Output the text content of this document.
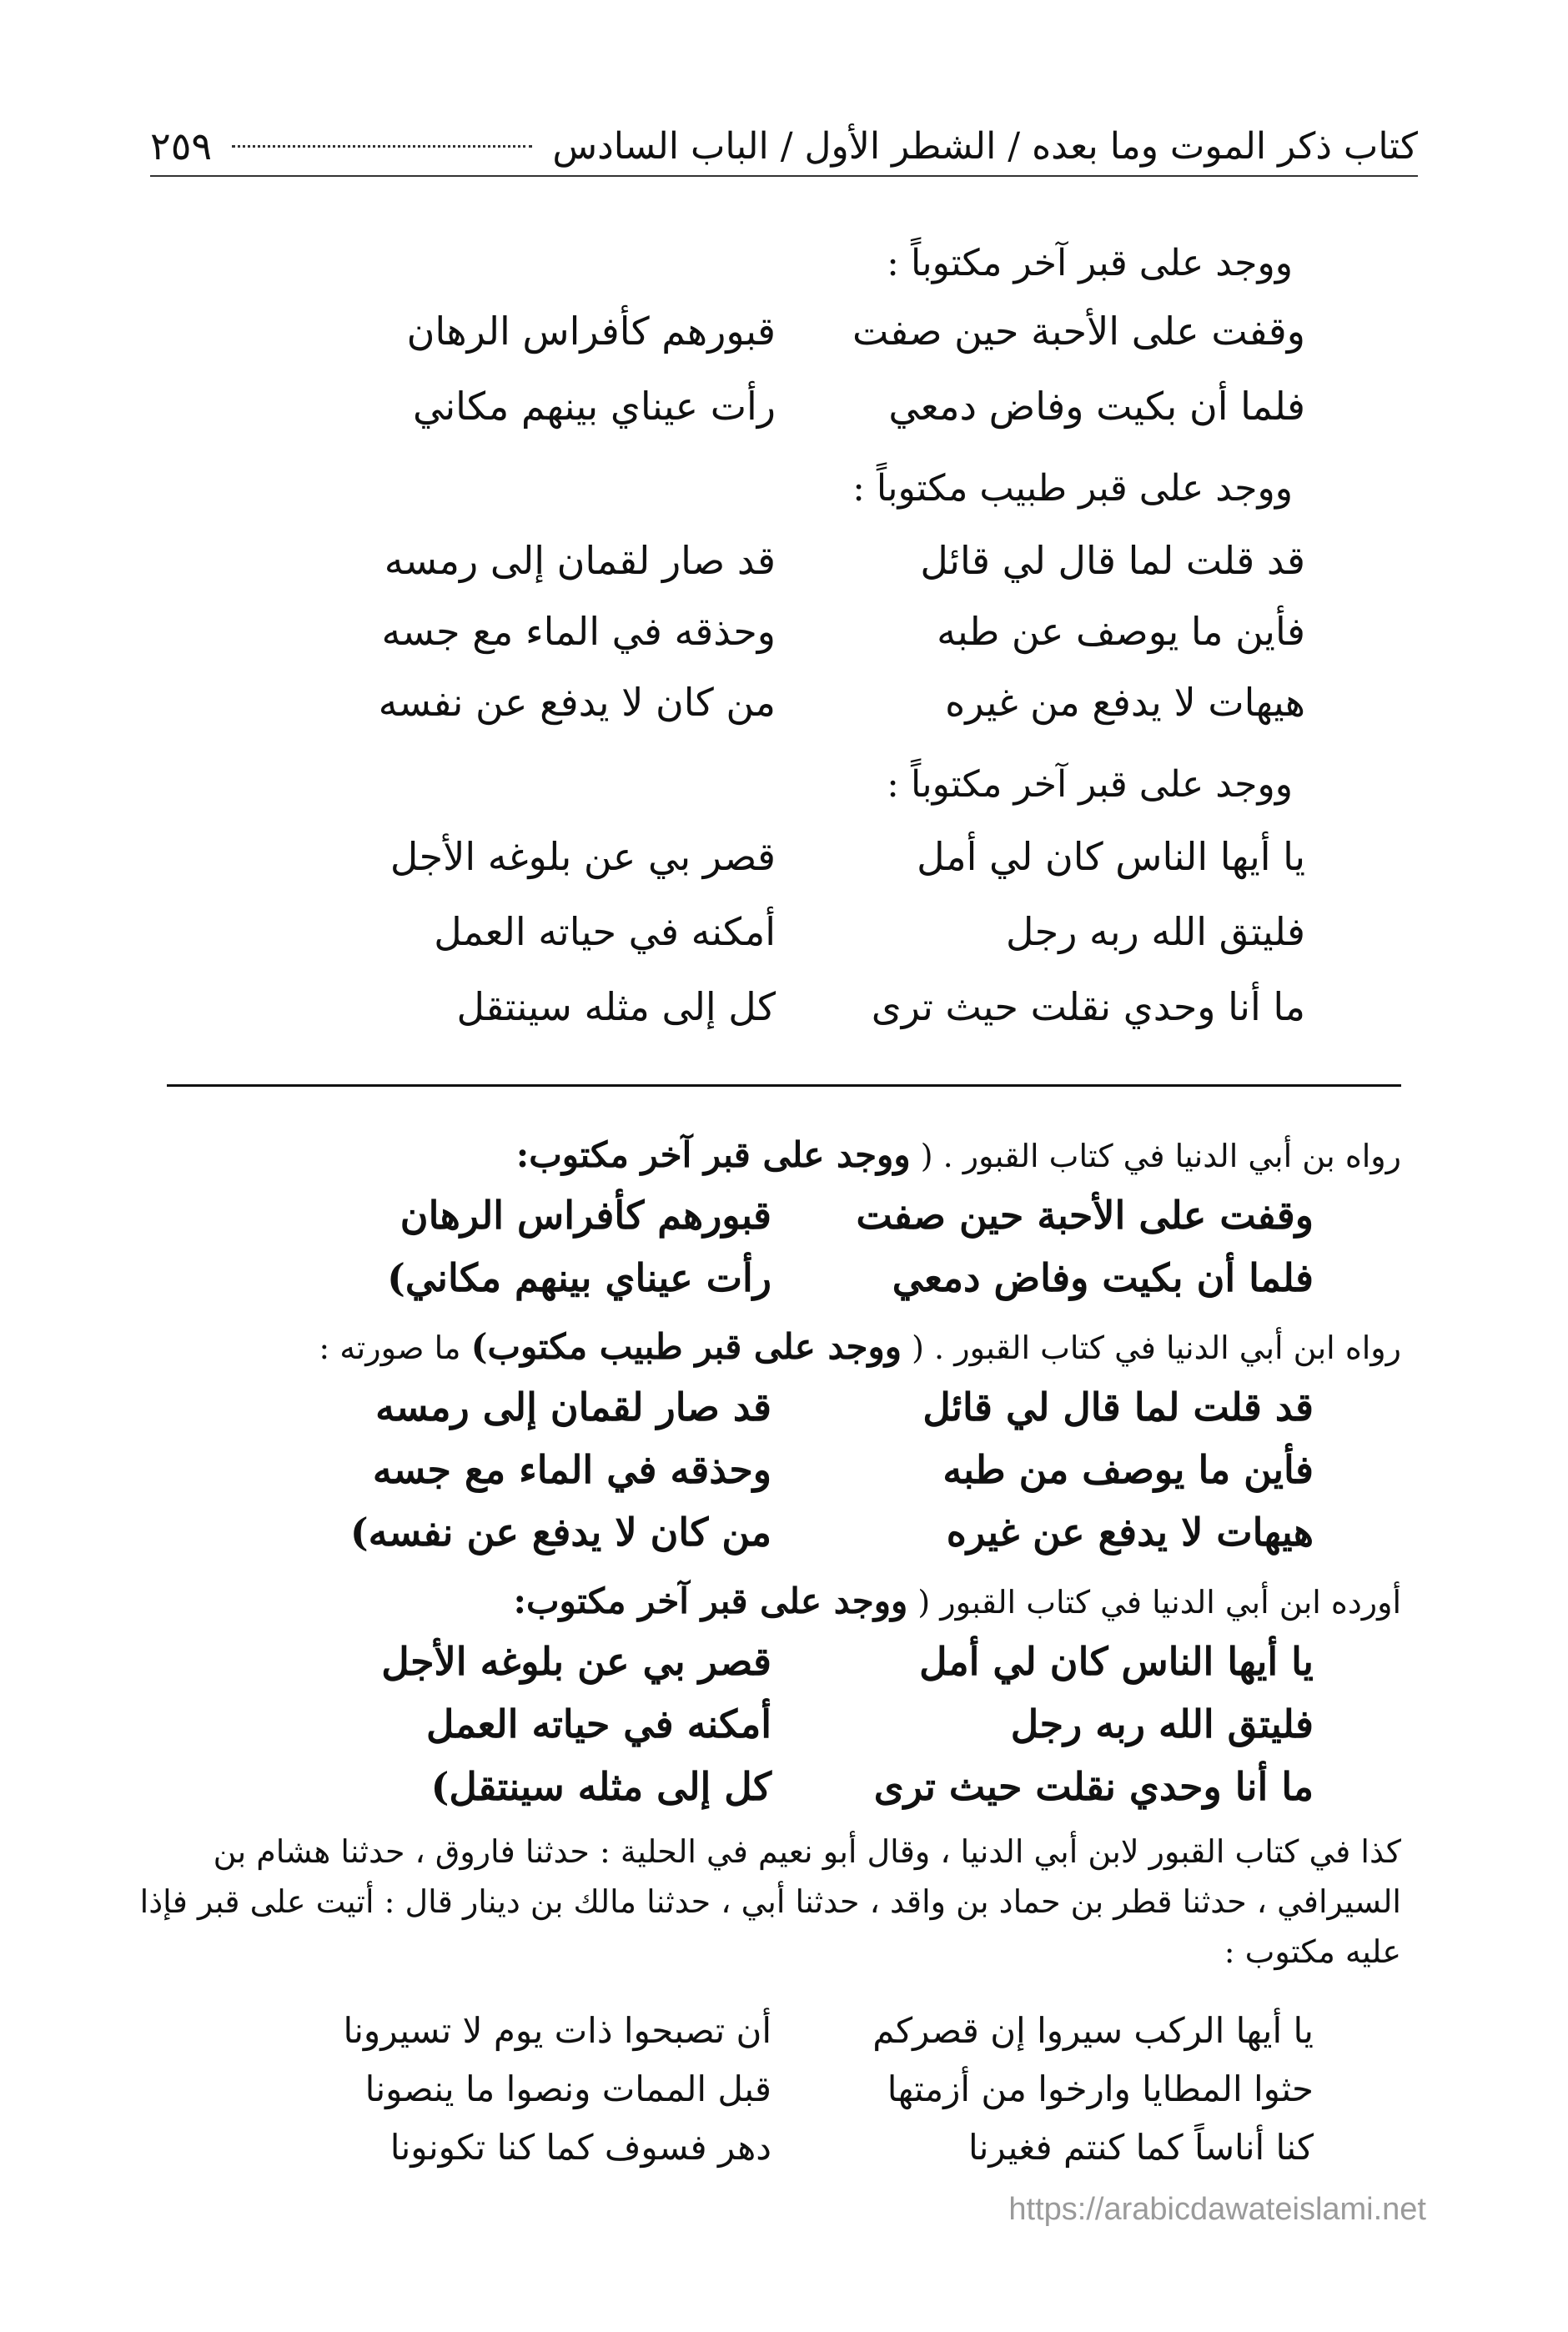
كتاب ذكر الموت وما بعده / الشطر الأول / الباب السادس
٢٥٩
ووجد على قبر آخر مكتوباً :
وقفت على الأحبة حين صفت
قبورهم كأفراس الرهان
فلما أن بكيت وفاض دمعي
رأت عيناي بينهم مكاني
ووجد على قبر طبيب مكتوباً :
قد قلت لما قال لي قائل
قد صار لقمان إلى رمسه
فأين ما يوصف عن طبه
وحذقه في الماء مع جسه
هيهات لا يدفع من غيره
من كان لا يدفع عن نفسه
ووجد على قبر آخر مكتوباً :
يا أيها الناس كان لي أمل
قصر بي عن بلوغه الأجل
فليتق الله ربه رجل
أمكنه في حياته العمل
ما أنا وحدي نقلت حيث ترى
كل إلى مثله سينتقل
رواه بن أبي الدنيا في كتاب القبور . ( ووجد على قبر آخر مكتوب:
وقفت على الأحبة حين صفت
قبورهم كأفراس الرهان
فلما أن بكيت وفاض دمعي
رأت عيناي بينهم مكاني)
رواه ابن أبي الدنيا في كتاب القبور . ( ووجد على قبر طبيب مكتوب) ما صورته :
قد قلت لما قال لي قائل
قد صار لقمان إلى رمسه
فأين ما يوصف من طبه
وحذقه في الماء مع جسه
هيهات لا يدفع عن غيره
من كان لا يدفع عن نفسه)
أورده ابن أبي الدنيا في كتاب القبور ( ووجد على قبر آخر مكتوب:
يا أيها الناس كان لي أمل
قصر بي عن بلوغه الأجل
فليتق الله ربه رجل
أمكنه في حياته العمل
ما أنا وحدي نقلت حيث ترى
كل إلى مثله سينتقل)
كذا في كتاب القبور لابن أبي الدنيا ، وقال أبو نعيم في الحلية : حدثنا فاروق ، حدثنا هشام بن
السيرافي ، حدثنا قطر بن حماد بن واقد ، حدثنا أبي ، حدثنا مالك بن دينار قال : أتيت على قبر فإذا
عليه مكتوب :
يا أيها الركب سيروا إن قصركم
أن تصبحوا ذات يوم لا تسيرونا
حثوا المطايا وارخوا من أزمتها
قبل الممات ونصوا ما ينصونا
كنا أناساً كما كنتم فغيرنا
دهر فسوف كما كنا تكونونا
https://arabicdawateislami.net
